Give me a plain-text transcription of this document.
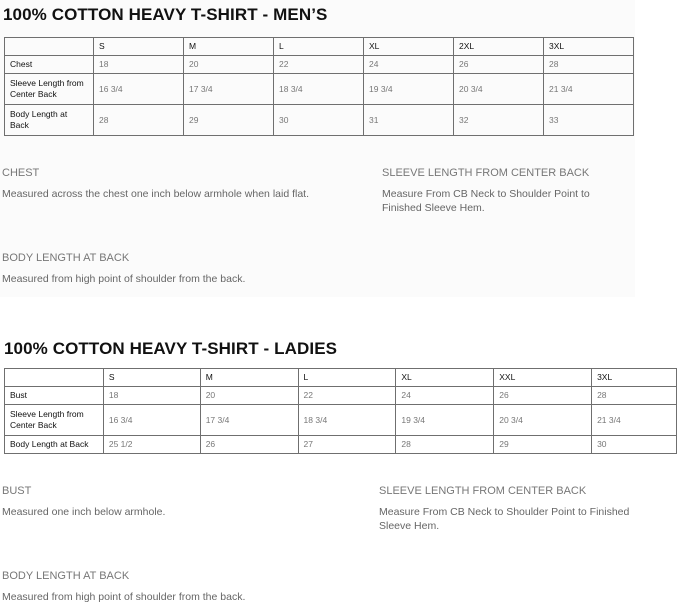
100% COTTON HEAVY T-SHIRT - MEN’S
	S	M	L	XL	2XL	3XL
Chest	18	20	22	24	26	28
Sleeve Length from Center Back	16 3/4	17 3/4	18 3/4	19 3/4	20 3/4	21 3/4
Body Length at Back	28	29	30	31	32	33
CHEST
Measured across the chest one inch below armhole when laid flat.
SLEEVE LENGTH FROM CENTER BACK
Measure From CB Neck to Shoulder Point to Finished Sleeve Hem.
BODY LENGTH AT BACK
Measured from high point of shoulder from the back.
100% COTTON HEAVY T-SHIRT - LADIES
	S	M	L	XL	XXL	3XL
Bust	18	20	22	24	26	28
Sleeve Length from Center Back	16 3/4	17 3/4	18 3/4	19 3/4	20 3/4	21 3/4
Body Length at Back	25 1/2	26	27	28	29	30
BUST
Measured one inch below armhole.
SLEEVE LENGTH FROM CENTER BACK
Measure From CB Neck to Shoulder Point to Finished Sleeve Hem.
BODY LENGTH AT BACK
Measured from high point of shoulder from the back.
